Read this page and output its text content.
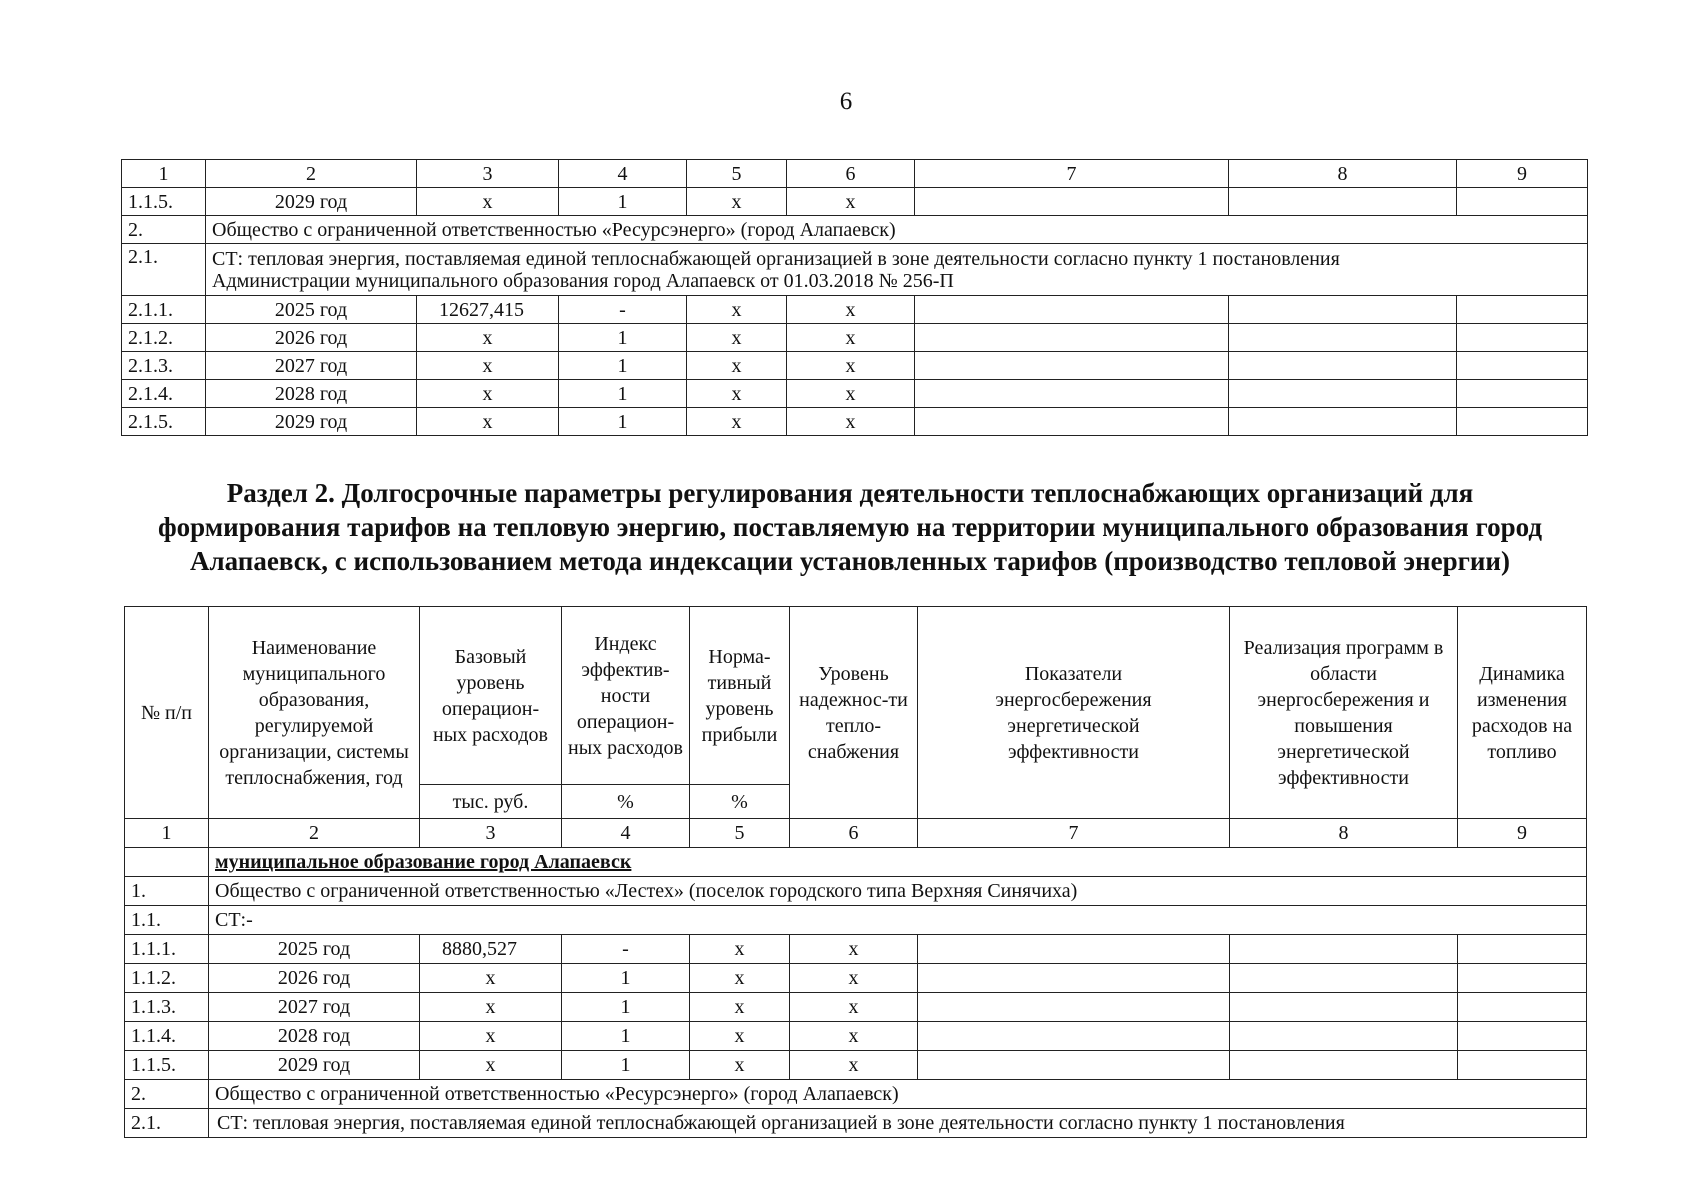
6
1	2	3	4	5	6	7	8	9
1.1.5.	2029 год	x	1	x	x			
2.	Общество с ограниченной ответственностью «Ресурсэнерго» (город Алапаевск)							
2.1.	СТ: тепловая энергия, поставляемая единой теплоснабжающей организацией в зоне деятельности согласно пункту 1 постановления
Администрации муниципального образования город Алапаевск от 01.03.2018 № 256-П							

2.1.1.	2025 год	12627,415	-	x	x			
2.1.2.	2026 год	x	1	x	x			
2.1.3.	2027 год	x	1	x	x			
2.1.4.	2028 год	x	1	x	x			
2.1.5.	2029 год	x	1	x	x			
Раздел 2. Долгосрочные параметры регулирования деятельности теплоснабжающих организаций для
формирования тарифов на тепловую энергию, поставляемую на территории муниципального образования город
Алапаевск, с использованием метода индексации установленных тарифов (производство тепловой энергии)
№ п/п	Наименование муниципального образования, регулируемой организации, системы теплоснабжения, год	Базовый уровень операцион-ных расходов	Индекс эффектив-ности операцион-ных расходов	Норма-тивный уровень прибыли	Уровень надежнос-ти тепло-снабжения	Показатели энергосбережения энергетической эффективности	Реализация программ в области энергосбережения и повышения энергетической эффективности	Динамика изменения расходов на топливо
		тыс. руб.	%	%				
1	2	3	4	5	6	7	8	9
	муниципальное образование город Алапаевск							
1.	Общество с ограниченной ответственностью «Лестех» (поселок городского типа Верхняя Синячиха)							
1.1.	СТ:-							
1.1.1.	2025 год	8880,527	-	x	x			
1.1.2.	2026 год	x	1	x	x			
1.1.3.	2027 год	x	1	x	x			
1.1.4.	2028 год	x	1	x	x			
1.1.5.	2029 год	x	1	x	x			
2.	Общество с ограниченной ответственностью «Ресурсэнерго» (город Алапаевск)							
2.1.	СТ: тепловая энергия, поставляемая единой теплоснабжающей организацией в зоне деятельности согласно пункту 1 постановления							
